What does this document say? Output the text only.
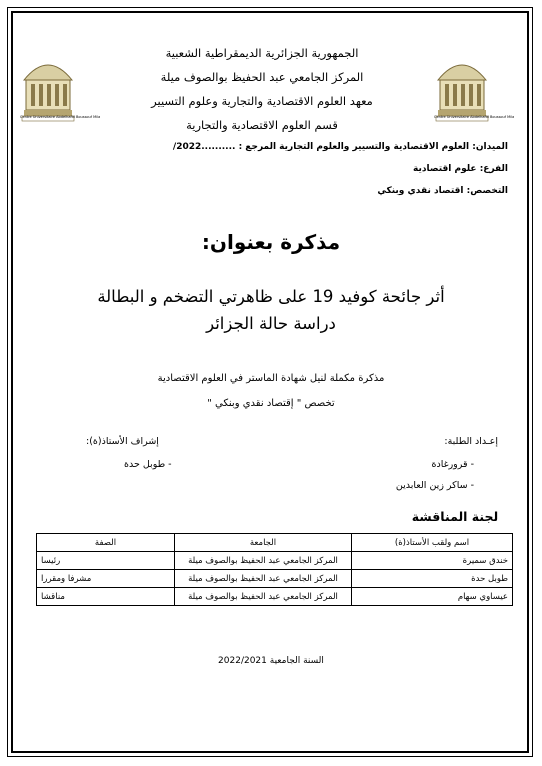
Centre Universitaire Abdelhafid Boussouf Mila	Centre Universitaire Abdelhafid Boussouf Mila
الجمهورية الجزائرية الديمقراطية الشعبية
المركز الجامعي عبد الحفيظ بوالصوف ميلة
معهد العلوم الاقتصادية والتجارية وعلوم التسيير
قسم العلوم الاقتصادية والتجارية
الميدان: العلوم الاقتصادية والتسيير والعلوم التجارية المرجع : ..........2022/
الفرع: علوم اقتصادية
التخصص: اقتصاد نقدي وبنكي
مذكرة بعنوان:
أثر جائحة كوفيد 19 على ظاهرتي التضخم و البطالة
دراسة حالة الجزائر
مذكرة مكملة لنيل شهادة الماستر في العلوم الاقتصادية
تخصص " إقتصاد نقدي وبنكي "
إعـداد الطلبة:
- قرورغادة
- ساكر زين العابدين
إشراف الأستاذ(ة):
- طوبل حدة
لجنة المناقشة
اسم ولقب الأستاذ(ة)	الجامعة	الصفة
خندق سميرة	المركز الجامعي عبد الحفيظ بوالصوف ميلة	رئيسا
طوبل حدة	المركز الجامعي عبد الحفيظ بوالصوف ميلة	مشرفا ومقررا
عيساوي سهام	المركز الجامعي عبد الحفيظ بوالصوف ميلة	مناقشا
السنة الجامعية 2022/2021
